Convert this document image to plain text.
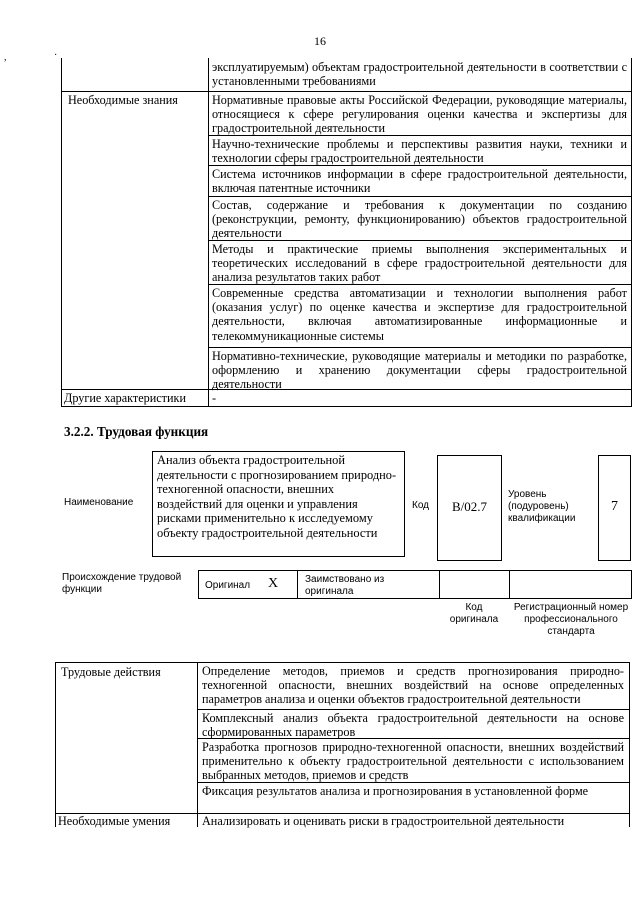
16
,	·
эксплуатируемым) объектам градостроительной деятельности в соответствии с установленными требованиями
Необходимые знания	Нормативные правовые акты Российской Федерации, руководящие материалы, относящиеся к сфере регулирования оценки качества и экспертизы для градостроительной деятельности
Научно-технические проблемы и перспективы развития науки, техники и технологии сферы градостроительной деятельности
Система источников информации в сфере градостроительной деятельности, включая патентные источники
Состав, содержание и требования к документации по созданию (реконструкции, ремонту, функционированию) объектов градостроительной деятельности
Методы и практические приемы выполнения экспериментальных и теоретических исследований в сфере градостроительной деятельности для анализа результатов таких работ
Современные средства автоматизации и технологии выполнения работ (оказания услуг) по оценке качества и экспертизе для градостроительной деятельности, включая автоматизированные информационные и телекоммуникационные системы
Нормативно-технические, руководящие материалы и методики по разработке, оформлению и хранению документации сферы градостроительной деятельности
Другие характеристики	-
3.2.2. Трудовая функция
Наименование
Анализ объекта градостроительной деятельности с прогнозированием природно-техногенной опасности, внешних воздействий для оценки и управления рисками применительно к исследуемому объекту градостроительной деятельности
Код	B/02.7
Уровень (подуровень) квалификации
7
Происхождение трудовой функции	Оригинал X	Заимствовано из оригинала
Код оригинала
Регистрационный номер профессионального стандарта
Трудовые действия	Определение методов, приемов и средств прогнозирования природно-техногенной опасности, внешних воздействий на основе определенных параметров анализа и оценки объектов градостроительной деятельности
Комплексный анализ объекта градостроительной деятельности на основе сформированных параметров
Разработка прогнозов природно-техногенной опасности, внешних воздействий применительно к объекту градостроительной деятельности с использованием выбранных методов, приемов и средств
Фиксация результатов анализа и прогнозирования в установленной форме
Необходимые умения	Анализировать и оценивать риски в градостроительной деятельности
